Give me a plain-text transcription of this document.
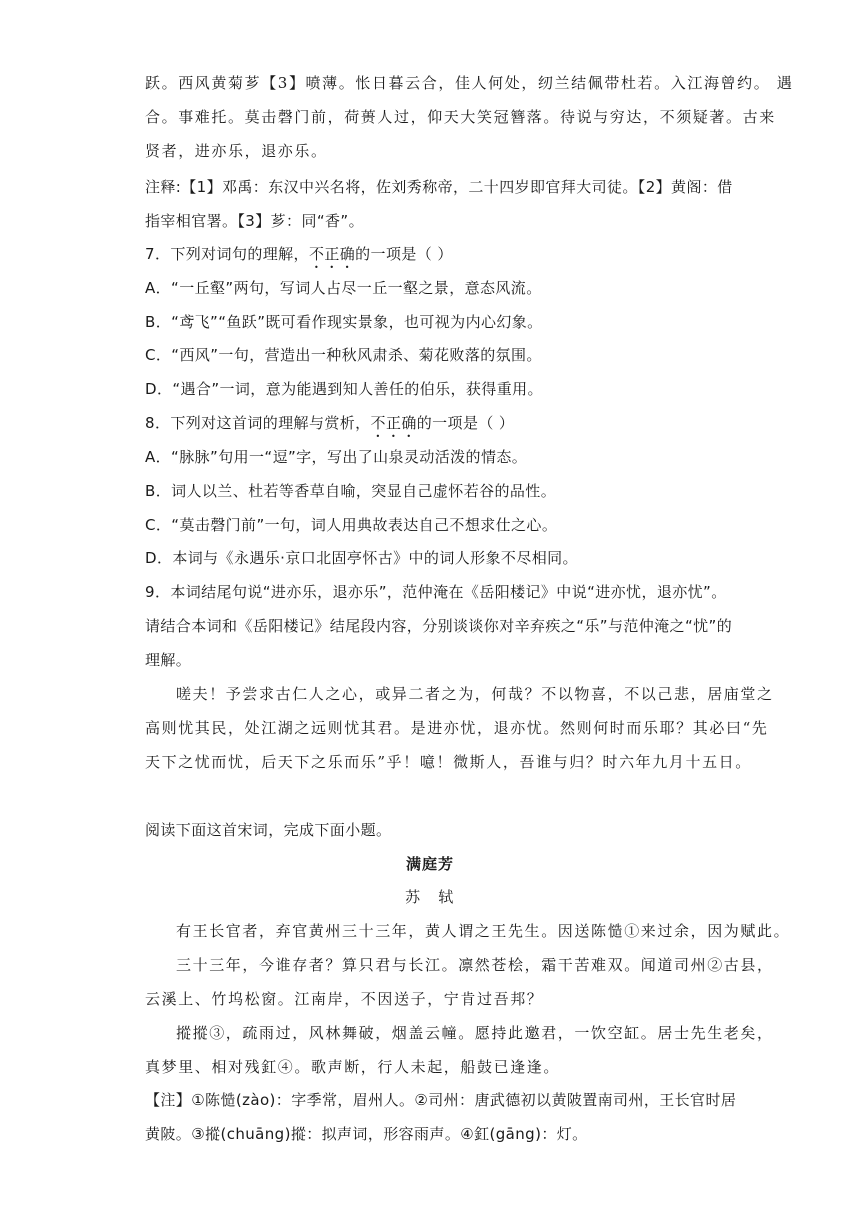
跃。西风黄菊芗【3】喷薄。怅日暮云合，佳人何处，纫兰结佩带杜若。入江海曾约。 遇
合。事难托。莫击磬门前，荷蒉人过，仰天大笑冠簪落。待说与穷达，不须疑著。古来
贤者，进亦乐，退亦乐。
注释:【1】邓禹：东汉中兴名将，佐刘秀称帝，二十四岁即官拜大司徒。【2】黄阁：借
指宰相官署。【3】芗：同“香”。
7．下列对词句的理解，不正确的一项是（ ）
A．“一丘壑”两句，写词人占尽一丘一壑之景，意态风流。
B．“鸢飞”“鱼跃”既可看作现实景象，也可视为内心幻象。
C．“西风”一句，营造出一种秋风肃杀、菊花败落的氛围。
D．“遇合”一词，意为能遇到知人善任的伯乐，获得重用。
8．下列对这首词的理解与赏析，不正确的一项是（ ）
A．“脉脉”句用一“逗”字，写出了山泉灵动活泼的情态。
B．词人以兰、杜若等香草自喻，突显自己虚怀若谷的品性。
C．“莫击磬门前”一句，词人用典故表达自己不想求仕之心。
D．本词与《永遇乐·京口北固亭怀古》中的词人形象不尽相同。
9．本词结尾句说“进亦乐，退亦乐”，范仲淹在《岳阳楼记》中说“进亦忧，退亦忧”。
请结合本词和《岳阳楼记》结尾段内容，分别谈谈你对辛弃疾之“乐”与范仲淹之“忧”的
理解。
嗟夫！予尝求古仁人之心，或异二者之为，何哉？不以物喜，不以己悲，居庙堂之
高则忧其民，处江湖之远则忧其君。是进亦忧，退亦忧。然则何时而乐耶？其必曰“先
天下之忧而忧，后天下之乐而乐”乎！噫！微斯人，吾谁与归？时六年九月十五日。
阅读下面这首宋词，完成下面小题。
满庭芳
苏　轼
有王长官者，弃官黄州三十三年，黄人谓之王先生。因送陈慥①来过余，因为赋此。
三十三年，今谁存者？算只君与长江。凛然苍桧，霜干苦难双。闻道司州②古县，
云溪上、竹坞松窗。江南岸，不因送子，宁肯过吾邦？
摐摐③，疏雨过，风林舞破，烟盖云幢。愿持此邀君，一饮空缸。居士先生老矣，
真梦里、相对残釭④。歌声断，行人未起，船鼓已逢逢。
【注】①陈慥(zào)：字季常，眉州人。②司州：唐武德初以黄陂置南司州，王长官时居
黄陂。③摐(chuāng)摐：拟声词，形容雨声。④釭(gāng)：灯。
